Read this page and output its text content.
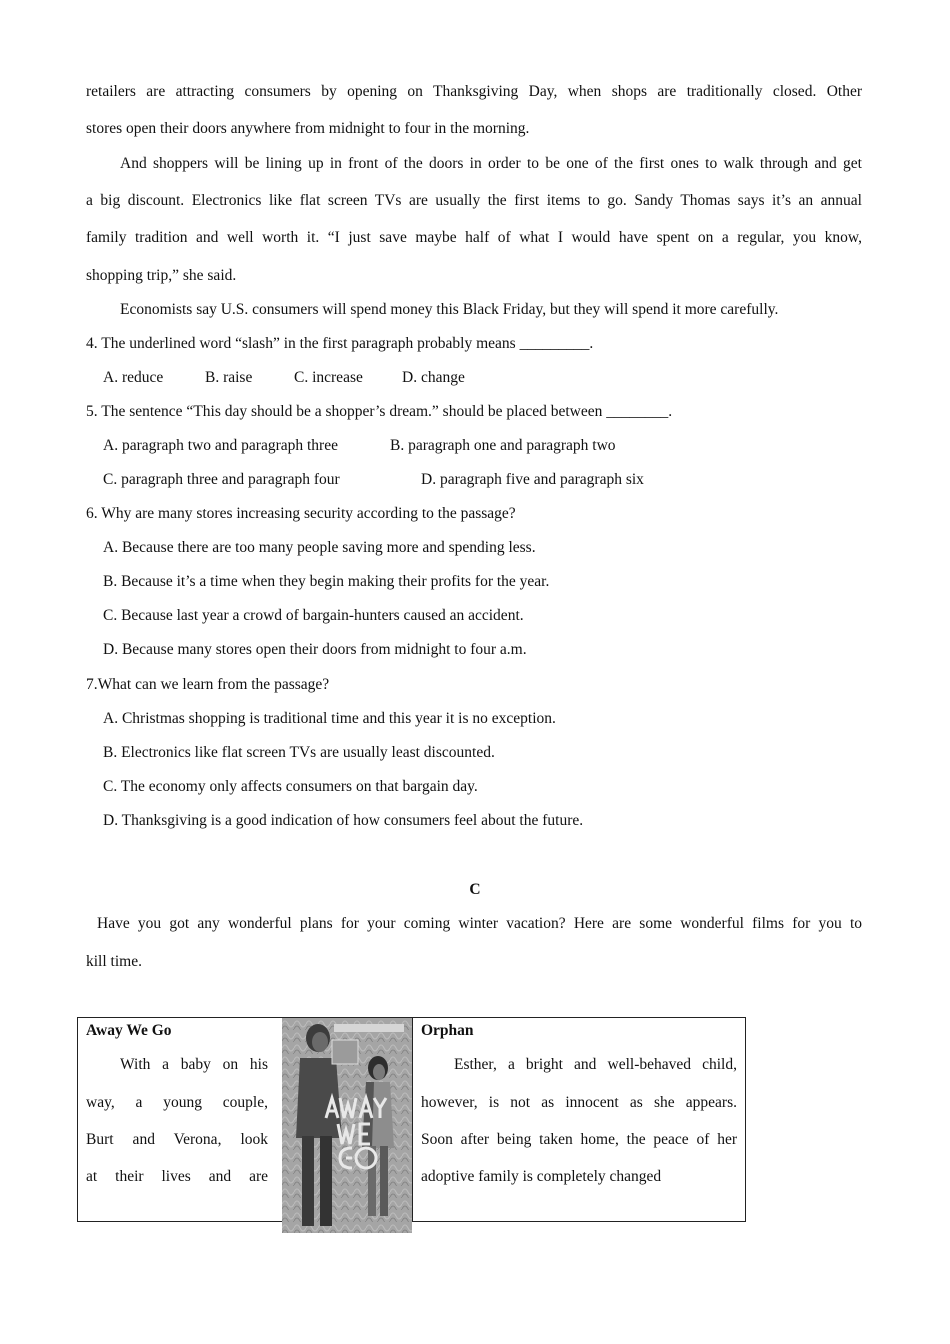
retailers are attracting consumers by opening on Thanksgiving Day, when shops are traditionally closed. Other
stores open their doors anywhere from midnight to four in the morning.
And shoppers will be lining up in front of the doors in order to be one of the first ones to walk through and get
a big discount. Electronics like flat screen TVs are usually the first items to go. Sandy Thomas says it’s an annual
family tradition and well worth it. “I just save maybe half of what I would have spent on a regular, you know,
shopping trip,” she said.
Economists say U.S. consumers will spend money this Black Friday, but they will spend it more carefully.
4. The underlined word “slash” in the first paragraph probably means _________.
A. reduce	B. raise	C. increase	D. change
5. The sentence “This day should be a shopper’s dream.” should be placed between ________.
A. paragraph two and paragraph three	B. paragraph one and paragraph two
C. paragraph three and paragraph four	D. paragraph five and paragraph six
6. Why are many stores increasing security according to the passage?
A. Because there are too many people saving more and spending less.
B. Because it’s a time when they begin making their profits for the year.
C. Because last year a crowd of bargain-hunters caused an accident.
D. Because many stores open their doors from midnight to four a.m.
7.What can we learn from the passage?
A. Christmas shopping is traditional time and this year it is no exception.
B. Electronics like flat screen TVs are usually least discounted.
C. The economy only affects consumers on that bargain day.
D. Thanksgiving is a good indication of how consumers feel about the future.
C
Have you got any wonderful plans for your coming winter vacation? Here are some wonderful films for you to
kill time.
Away We Go
With a baby on his
way, a young couple,
Burt and Verona, look
at their lives and are
Orphan
Esther, a bright and well-behaved child,
however, is not as innocent as she appears.
Soon after being taken home, the peace of her
adoptive family is completely changed
